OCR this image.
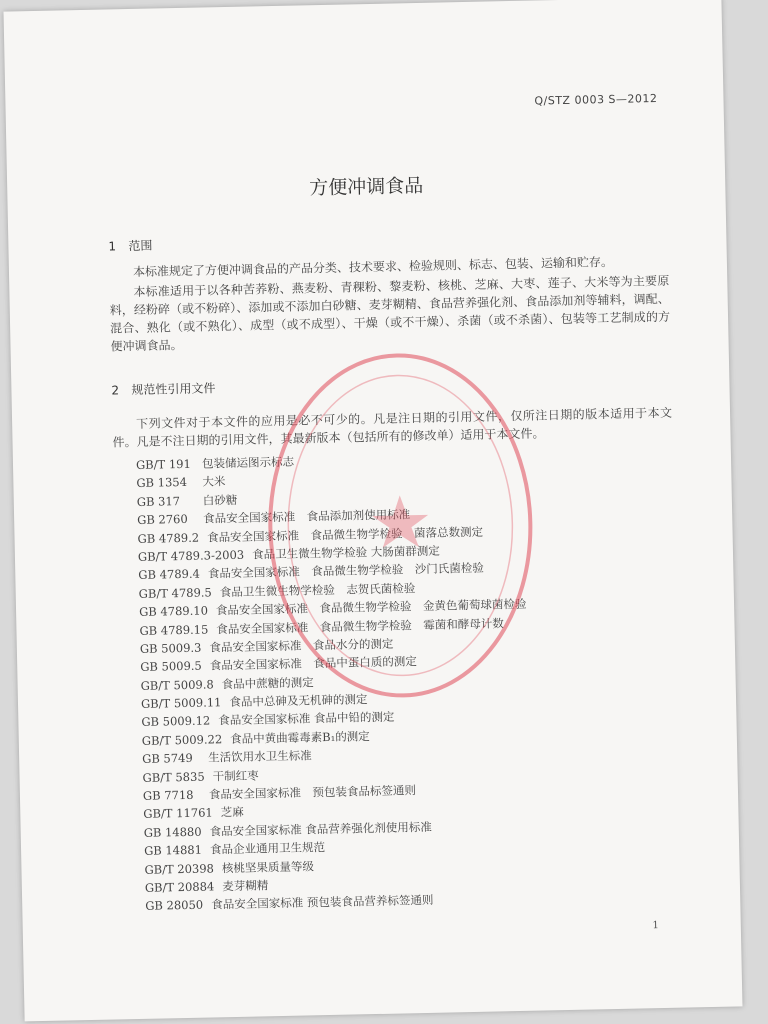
Q/STZ 0003 S—2012
方便冲调食品
1 范围

本标准规定了方便冲调食品的产品分类、技术要求、检验规则、标志、包装、运输和贮存。

本标准适用于以各种苦荞粉、燕麦粉、青稞粉、黎麦粉、核桃、芝麻、大枣、莲子、大米等为主要原料，经粉碎（或不粉碎）、添加或不添加白砂糖、麦芽糊精、食品营养强化剂、食品添加剂等辅料，调配、混合、熟化（或不熟化）、成型（或不成型）、干燥（或不干燥）、杀菌（或不杀菌）、包装等工艺制成的方便冲调食品。

2 规范性引用文件

下列文件对于本文件的应用是必不可少的。凡是注日期的引用文件，仅所注日期的版本适用于本文件。凡是不注日期的引用文件，其最新版本（包括所有的修改单）适用于本文件。

GB/T 191 包装储运图示标志
GB 1354 大米
GB 317 白砂糖
GB 2760 食品安全国家标准　食品添加剂使用标准
GB 4789.2 食品安全国家标准　食品微生物学检验　菌落总数测定
GB/T 4789.3-2003 食品卫生微生物学检验 大肠菌群测定
GB 4789.4 食品安全国家标准　食品微生物学检验　沙门氏菌检验
GB/T 4789.5 食品卫生微生物学检验　志贺氏菌检验
GB 4789.10 食品安全国家标准　食品微生物学检验　金黄色葡萄球菌检验
GB 4789.15 食品安全国家标准　食品微生物学检验　霉菌和酵母计数
GB 5009.3 食品安全国家标准　食品水分的测定
GB 5009.5 食品安全国家标准　食品中蛋白质的测定
GB/T 5009.8 食品中蔗糖的测定
GB/T 5009.11 食品中总砷及无机砷的测定
GB 5009.12 食品安全国家标准 食品中铅的测定
GB/T 5009.22 食品中黄曲霉毒素B₁的测定
GB 5749 生活饮用水卫生标准
GB/T 5835 干制红枣
GB 7718 食品安全国家标准　预包装食品标签通则
GB/T 11761 芝麻
GB 14880 食品安全国家标准 食品营养强化剂使用标准
GB 14881 食品企业通用卫生规范
GB/T 20398 核桃坚果质量等级
GB/T 20884 麦芽糊精
GB 28050 食品安全国家标准 预包装食品营养标签通则
1
